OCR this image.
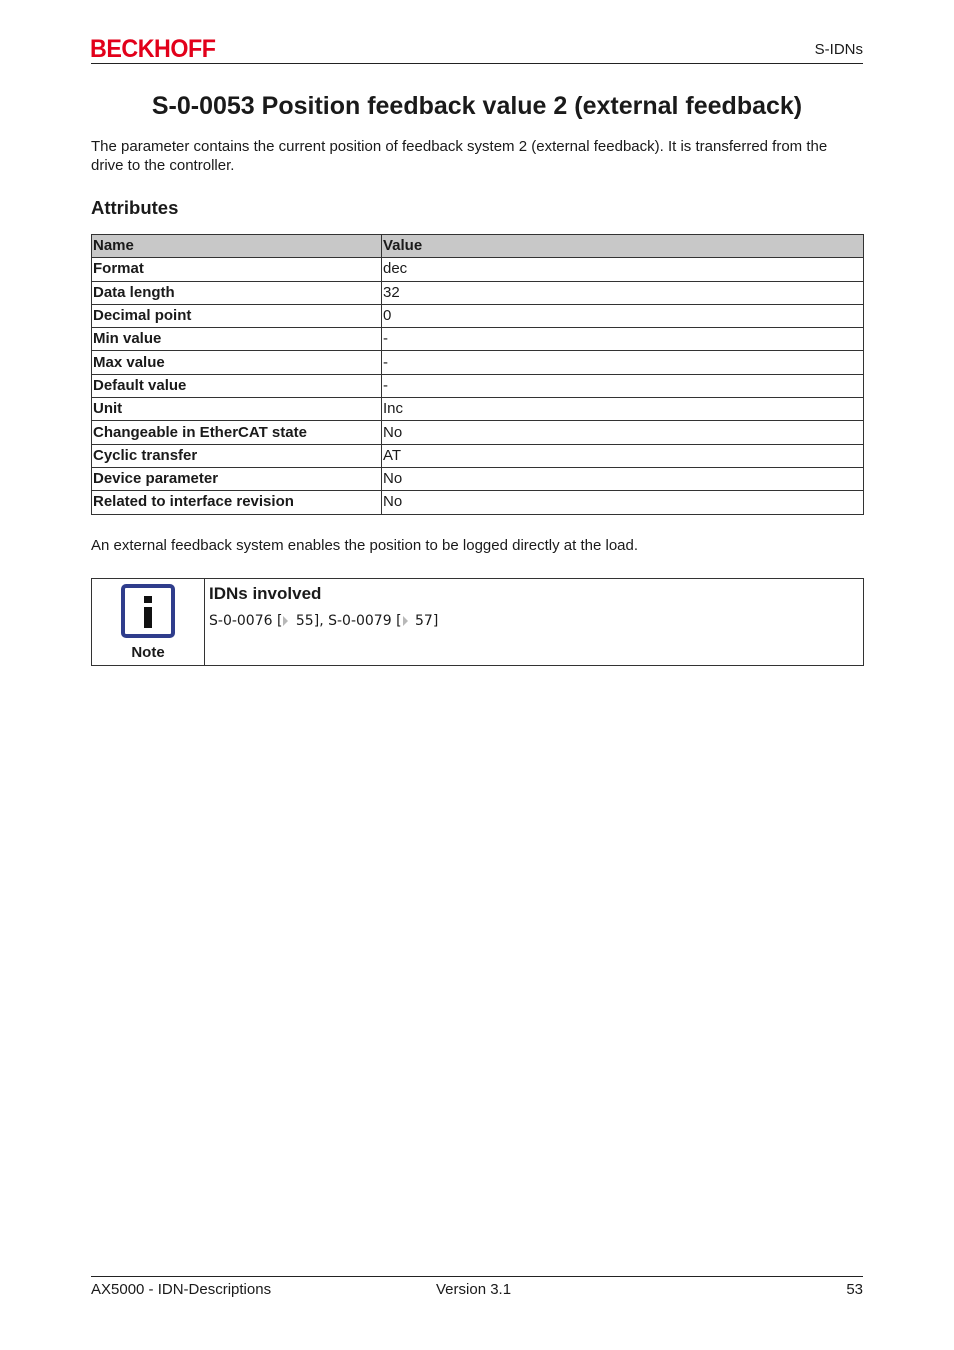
BECKHOFF	S-IDNs
S-0-0053 Position feedback value 2 (external feedback)

The parameter contains the current position of feedback system 2 (external feedback). It is transferred from the drive to the controller.

Attributes
Name	Value
Format	dec
Data length	32
Decimal point	0
Min value	-
Max value	-
Default value	-
Unit	Inc
Changeable in EtherCAT state	No
Cyclic transfer	AT
Device parameter	No
Related to interface revision	No

An external feedback system enables the position to be logged directly at the load.

Note

IDNs involved

S-0-0076 [ 55], S-0-0079 [ 57]
AX5000 - IDN-Descriptions	Version 3.1	53
